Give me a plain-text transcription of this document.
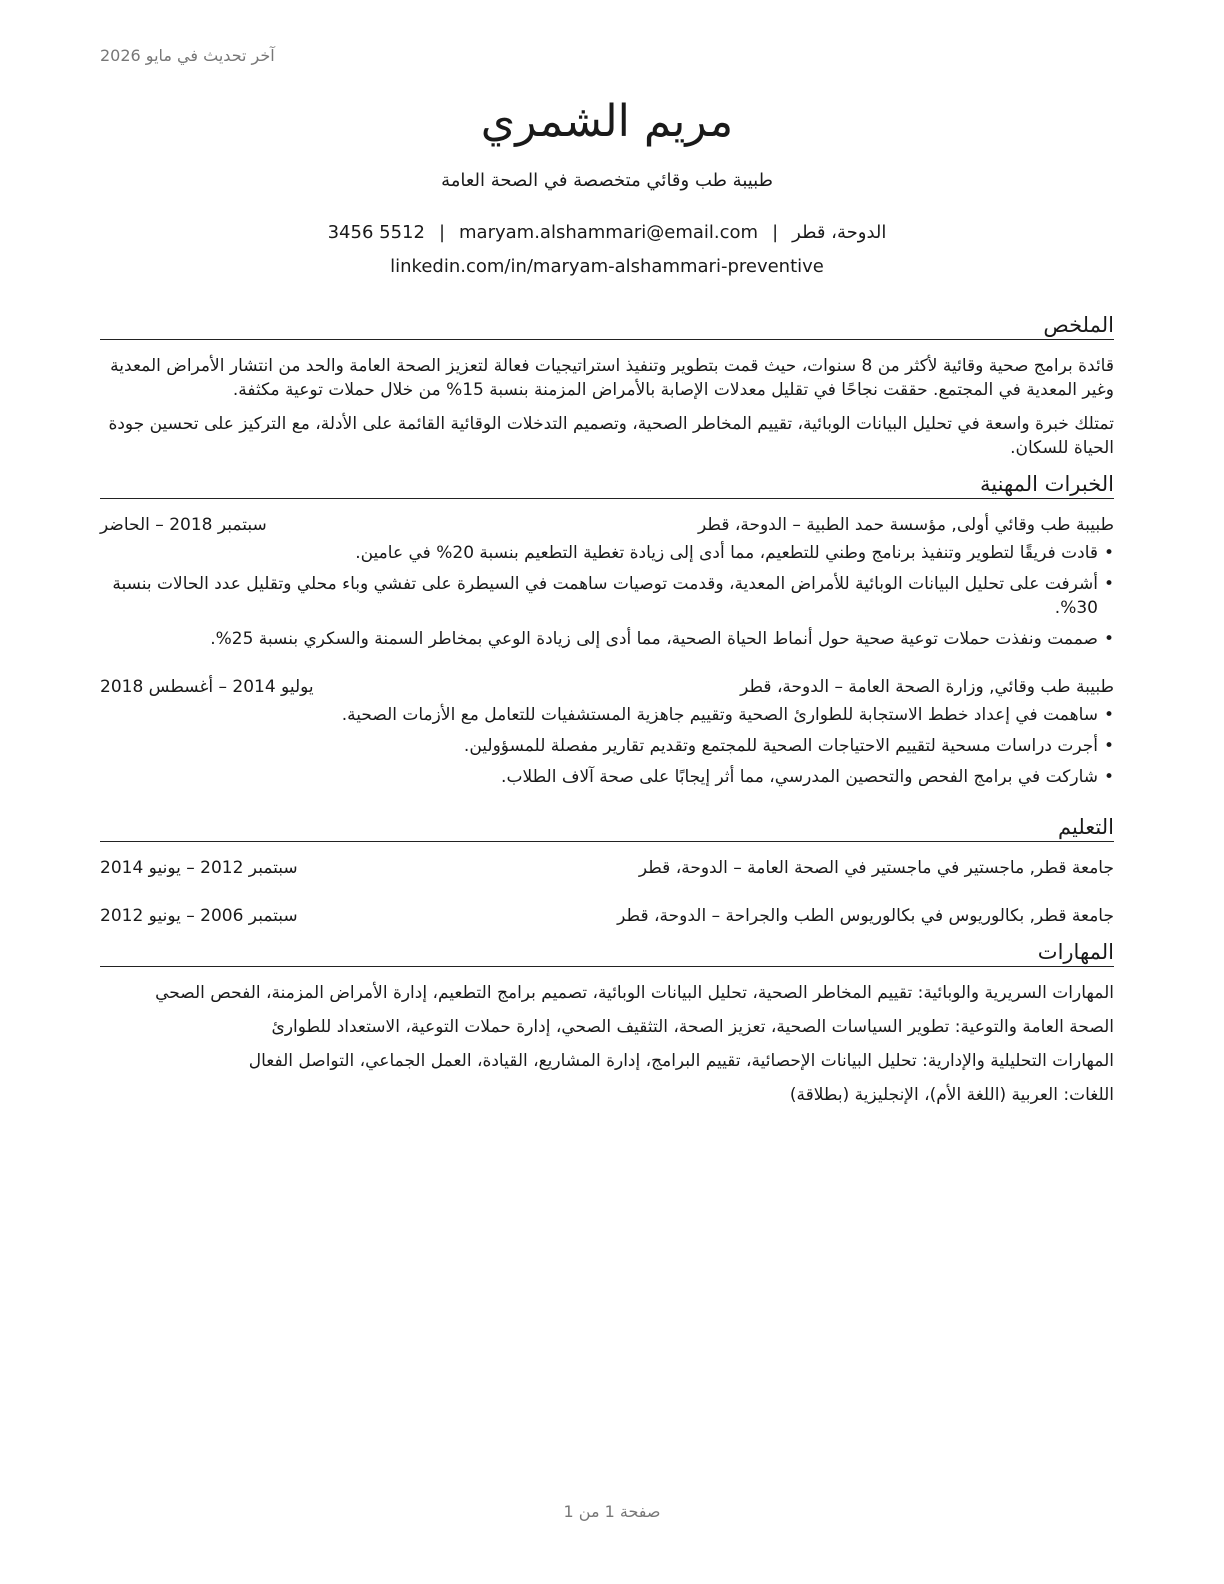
آخر تحديث في مايو 2026
مريم الشمري
طبيبة طب وقائي متخصصة في الصحة العامة
الدوحة، قطر|maryam.alshammari@email.com|3456 5512
linkedin.com/in/maryam-alshammari-preventive
الملخص

قائدة برامج صحية وقائية لأكثر من 8 سنوات، حيث قمت بتطوير وتنفيذ استراتيجيات فعالة لتعزيز الصحة العامة والحد من انتشار الأمراض المعدية وغير المعدية في المجتمع. حققت نجاحًا في تقليل معدلات الإصابة بالأمراض المزمنة بنسبة 15% من خلال حملات توعية مكثفة.

تمتلك خبرة واسعة في تحليل البيانات الوبائية، تقييم المخاطر الصحية، وتصميم التدخلات الوقائية القائمة على الأدلة، مع التركيز على تحسين جودة الحياة للسكان.

الخبرات المهنية
طبيبة طب وقائي أولى, مؤسسة حمد الطبية – الدوحة، قطر
سبتمبر 2018 – الحاضر
•
قادت فريقًا لتطوير وتنفيذ برنامج وطني للتطعيم، مما أدى إلى زيادة تغطية التطعيم بنسبة 20% في عامين.
•
أشرفت على تحليل البيانات الوبائية للأمراض المعدية، وقدمت توصيات ساهمت في السيطرة على تفشي وباء محلي وتقليل عدد الحالات بنسبة 30%.
•
صممت ونفذت حملات توعية صحية حول أنماط الحياة الصحية، مما أدى إلى زيادة الوعي بمخاطر السمنة والسكري بنسبة 25%.
طبيبة طب وقائي, وزارة الصحة العامة – الدوحة، قطر
يوليو 2014 – أغسطس 2018
•
ساهمت في إعداد خطط الاستجابة للطوارئ الصحية وتقييم جاهزية المستشفيات للتعامل مع الأزمات الصحية.
•
أجرت دراسات مسحية لتقييم الاحتياجات الصحية للمجتمع وتقديم تقارير مفصلة للمسؤولين.
•
شاركت في برامج الفحص والتحصين المدرسي، مما أثر إيجابًا على صحة آلاف الطلاب.
التعليم
جامعة قطر, ماجستير في ماجستير في الصحة العامة – الدوحة، قطر
سبتمبر 2012 – يونيو 2014
جامعة قطر, بكالوريوس في بكالوريوس الطب والجراحة – الدوحة، قطر
سبتمبر 2006 – يونيو 2012
المهارات

المهارات السريرية والوبائية: تقييم المخاطر الصحية، تحليل البيانات الوبائية، تصميم برامج التطعيم، إدارة الأمراض المزمنة، الفحص الصحي

الصحة العامة والتوعية: تطوير السياسات الصحية، تعزيز الصحة، التثقيف الصحي، إدارة حملات التوعية، الاستعداد للطوارئ

المهارات التحليلية والإدارية: تحليل البيانات الإحصائية، تقييم البرامج، إدارة المشاريع، القيادة، العمل الجماعي، التواصل الفعال

اللغات: العربية (اللغة الأم)، الإنجليزية (بطلاقة)

صفحة 1 من 1
